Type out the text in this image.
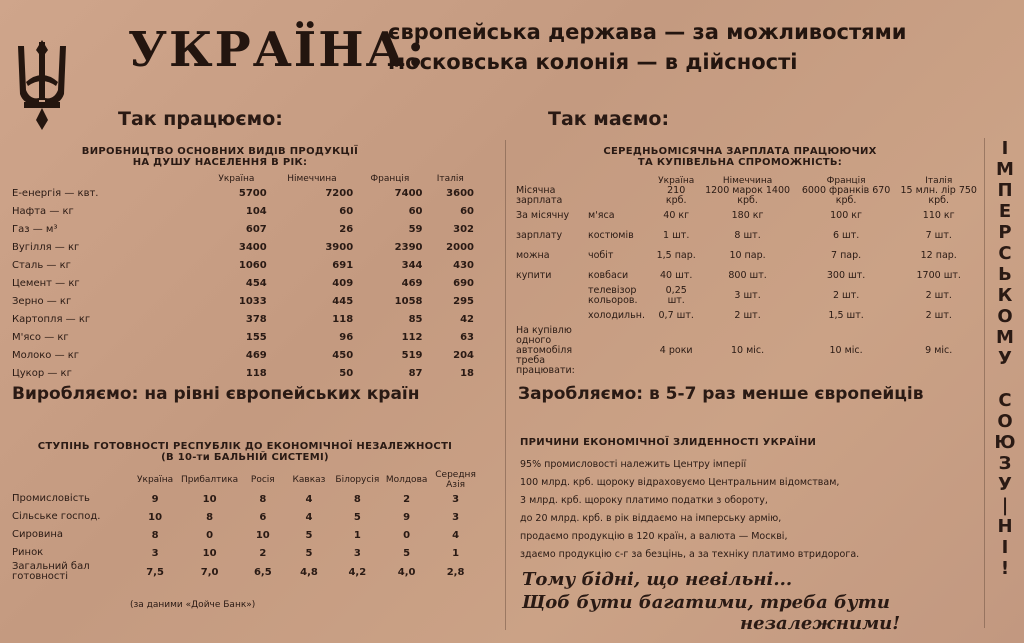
УКРАЇНА:
європейська держава — за можливостями
московська колонія — в дійсності
Так працюємо:
ВИРОБНИЦТВО ОСНОВНИХ ВИДІВ ПРОДУКЦІЇ
НА ДУШУ НАСЕЛЕННЯ В РІК:
	Україна	Німеччина	Франція	Італія
Е-енергія — квт.	5700	7200	7400	3600
Нафта — кг	104	60	60	60
Газ — м³	607	26	59	302
Вугілля — кг	3400	3900	2390	2000
Сталь — кг	1060	691	344	430
Цемент — кг	454	409	469	690
Зерно — кг	1033	445	1058	295
Картопля — кг	378	118	85	42
М'ясо — кг	155	96	112	63
Молоко — кг	469	450	519	204
Цукор — кг	118	50	87	18
Виробляємо: на рівні європейських країн
СТУПІНЬ ГОТОВНОСТІ РЕСПУБЛІК ДО ЕКОНОМІЧНОЇ НЕЗАЛЕЖНОСТІ
(В 10-ти БАЛЬНІЙ СИСТЕМІ)
	Україна	Прибалтика	Росія	Кавказ	Білорусія	Молдова	Середня Азія
Промисловість	9	10	8	4	8	2	3
Сільське господ.	10	8	6	4	5	9	3
Сировина	8	0	10	5	1	0	4
Ринок	3	10	2	5	3	5	1
Загальний бал готовності	7,5	7,0	6,5	4,8	4,2	4,0	2,8
(за даними «Дойче Банк»)
Так маємо:
СЕРЕДНЬОМІСЯЧНА ЗАРПЛАТА ПРАЦЮЮЧИХ
ТА КУПІВЕЛЬНА СПРОМОЖНІСТЬ:
		Україна	Німеччина	Франція	Італія
Місячна зарплата		210 крб.	1200 марок 1400 крб.	6000 франків 670 крб.	15 млн. лір 750 крб.
За місячну	м'яса	40 кг	180 кг	100 кг	110 кг
зарплату	костюмів	1 шт.	8 шт.	6 шт.	7 шт.
можна	чобіт	1,5 пар.	10 пар.	7 пар.	12 пар.
купити	ковбаси	40 шт.	800 шт.	300 шт.	1700 шт.
	телевізор кольоров.	0,25 шт.	3 шт.	2 шт.	2 шт.
	холодильн.	0,7 шт.	2 шт.	1,5 шт.	2 шт.
На купівлю одного автомобіля треба працювати:		4 роки	10 міс.	10 міс.	9 міс.
Заробляємо: в 5-7 раз менше європейців
ПРИЧИНИ ЕКОНОМІЧНОЇ ЗЛИДЕННОСТІ УКРАЇНИ
95% промисловості належить Центру імперії
100 млрд. крб. щороку відраховуємо Центральним відомствам,
3 млрд. крб. щороку платимо податки з обороту,
до 20 млрд. крб. в рік віддаємо на імперську армію,
продаємо продукцію в 120 країн, а валюта — Москві,
здаємо продукцію с-г за безцінь, а за техніку платимо втридорога.
Тому бідні, що невільні...
Щоб бути багатими, треба бути
незалежними!
І
М
П
Е
Р
С
Ь
К
О
М
У

С
О
Ю
З
У
|
Н
І
!
